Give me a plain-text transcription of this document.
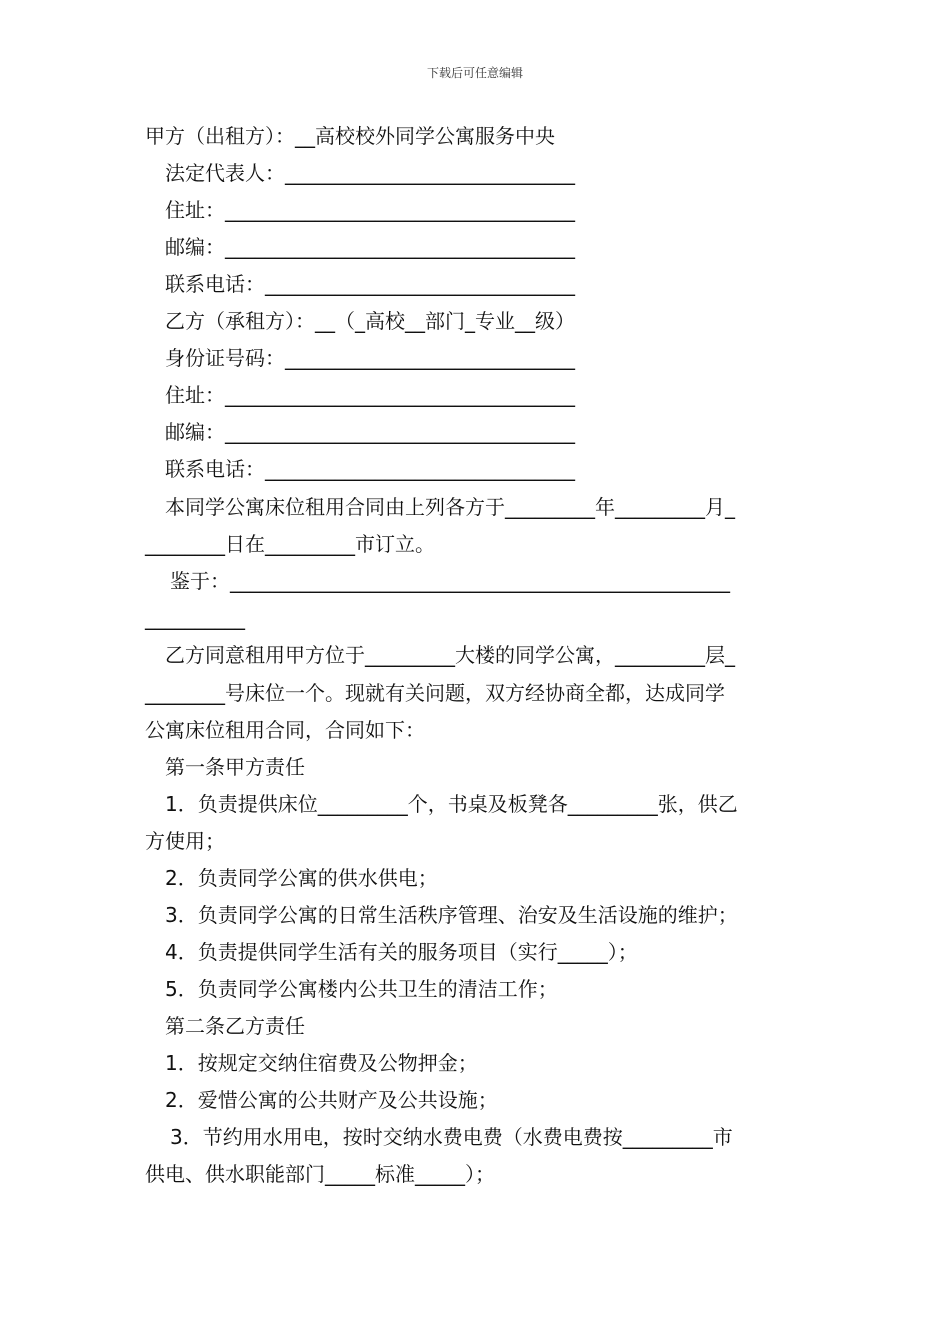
下载后可任意编辑
甲方（出租方）：__高校校外同学公寓服务中央
法定代表人：_____________________________
住址：___________________________________
邮编：___________________________________
联系电话：_______________________________
乙方（承租方）：__（_高校__部门_专业__级）
身份证号码：_____________________________
住址：___________________________________
邮编：___________________________________
联系电话：_______________________________
本同学公寓床位租用合同由上列各方于_________年_________月_
________日在_________市订立。
鉴于：__________________________________________________
__________
乙方同意租用甲方位于_________大楼的同学公寓，_________层_
________号床位一个。现就有关问题，双方经协商全都，达成同学
公寓床位租用合同，合同如下：
第一条甲方责任
1．负责提供床位_________个，书桌及板凳各_________张，供乙
方使用；
2．负责同学公寓的供水供电；
3．负责同学公寓的日常生活秩序管理、治安及生活设施的维护；
4．负责提供同学生活有关的服务项目（实行_____）；
5．负责同学公寓楼内公共卫生的清洁工作；
第二条乙方责任
1．按规定交纳住宿费及公物押金；
2．爱惜公寓的公共财产及公共设施；
3．节约用水用电，按时交纳水费电费（水费电费按_________市
供电、供水职能部门_____标准_____）；
